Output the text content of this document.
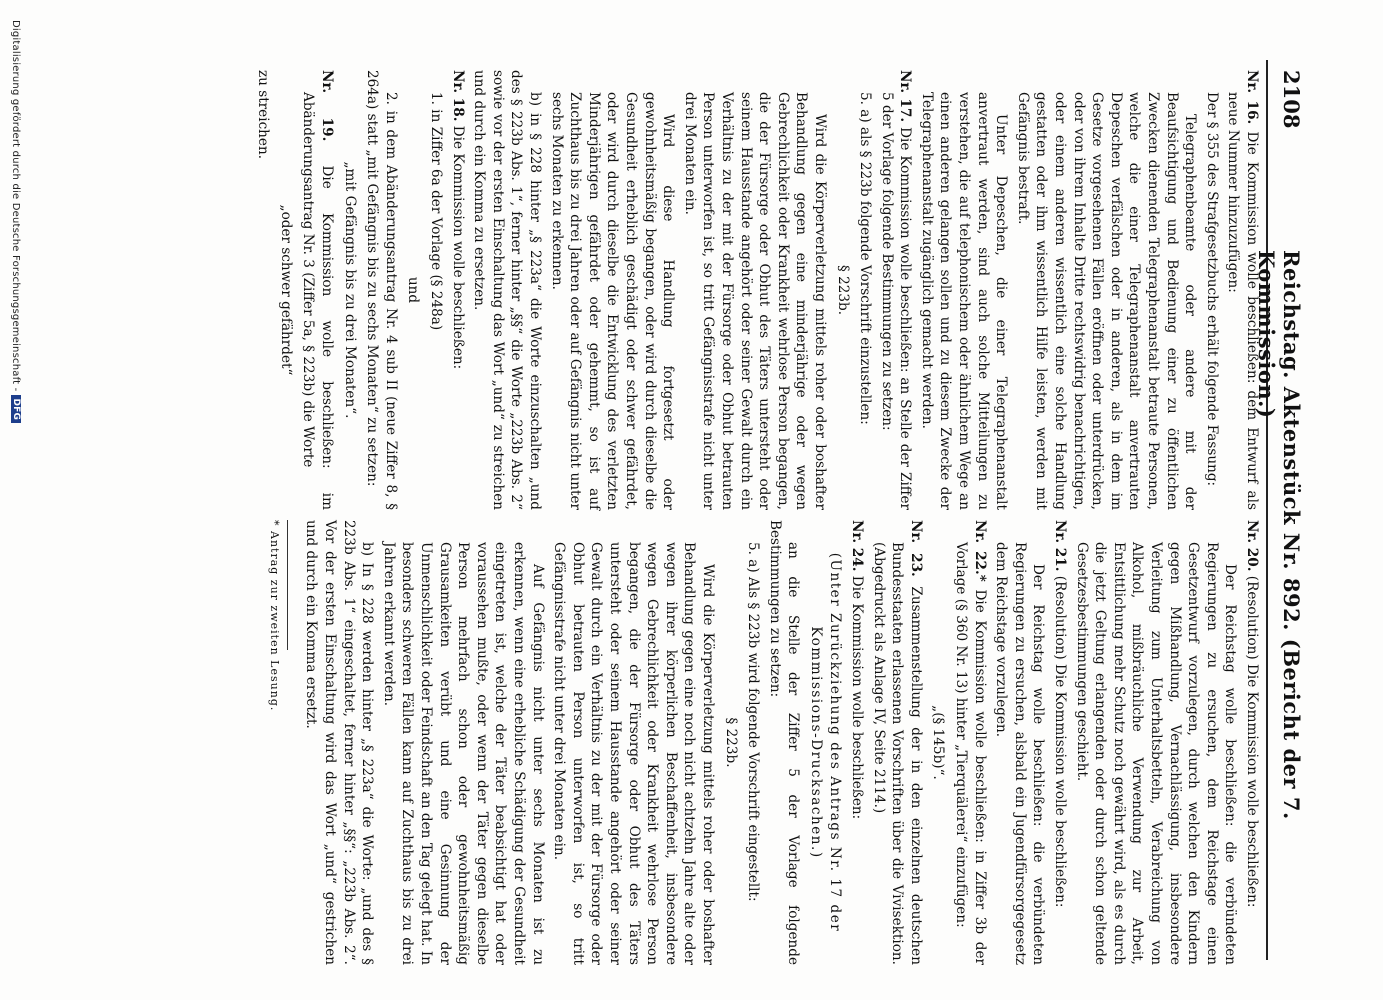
2108
Reichstag. Aktenstück Nr. 892. (Bericht der 7. Kommission.)

Nr. 16. Die Kommission wolle beschließen: dem Entwurf als neue Nummer hinzuzufügen:

Der § 355 des Strafgesetzbuchs erhält folgende Fassung:

Telegraphenbeamte oder andere mit der Beaufsichtigung und Bedienung einer zu öffentlichen Zwecken dienenden Telegraphenanstalt betraute Personen, welche die einer Telegraphenanstalt anvertrauten Depeschen verfälschen oder in anderen, als in dem im Gesetze vorgesehenen Fällen eröffnen oder unterdrücken, oder von ihrem Inhalte Dritte rechtswidrig benachrichtigen, oder einem anderen wissentlich eine solche Handlung gestatten oder ihm wissentlich Hilfe leisten, werden mit Gefängnis bestraft.

Unter Depeschen, die einer Telegraphenanstalt anvertraut werden, sind auch solche Mitteilungen zu verstehen, die auf telephonischem oder ähnlichem Wege an einen anderen gelangen sollen und zu diesem Zwecke der Telegraphenanstalt zugänglich gemacht werden.

Nr. 17. Die Kommission wolle beschließen: an Stelle der Ziffer 5 der Vorlage folgende Bestimmungen zu setzen:

5. a) als § 223b folgende Vorschrift einzustellen:

§ 223b.

Wird die Körperverletzung mittels roher oder boshafter Behandlung gegen eine minderjährige oder wegen Gebrechlichkeit oder Krankheit wehrlose Person begangen, die der Fürsorge oder Obhut des Täters untersteht oder seinem Hausstande angehört oder seiner Gewalt durch ein Verhältnis zu der mit der Fürsorge oder Obhut betrauten Person unterworfen ist, so tritt Gefängnisstrafe nicht unter drei Monaten ein.

Wird diese Handlung fortgesetzt oder gewohnheitsmäßig begangen, oder wird durch dieselbe die Gesundheit erheblich geschädigt oder schwer gefährdet, oder wird durch dieselbe die Entwicklung des verletzten Minderjährigen gefährdet oder gehemmt, so ist auf Zuchthaus bis zu drei Jahren oder auf Gefängnis nicht unter sechs Monaten zu erkennen.

b) in § 228 hinter „§ 223a“ die Worte einzuschalten „und des § 223b Abs. 1“, ferner hinter „§§“ die Worte „223b Abs. 2“ sowie vor der ersten Einschaltung das Wort „und“ zu streichen und durch ein Komma zu ersetzen.

Nr. 18. Die Kommission wolle beschließen:

1. in Ziffer 6a der Vorlage (§ 248a)

und

2. in dem Abänderungsantrag Nr. 4 sub II (neue Ziffer 8, § 264a) statt „mit Gefängnis bis zu sechs Monaten“ zu setzen:

„mit Gefängnis bis zu drei Monaten“.

Nr. 19. Die Kommission wolle beschließen: im Abänderungsantrag Nr. 3 (Ziffer 5a, § 223b) die Worte

„oder schwer gefährdet“

zu streichen.

Nr. 20. (Resolution) Die Kommission wolle beschließen:

Der Reichstag wolle beschließen: die verbündeten Regierungen zu ersuchen, dem Reichstage einen Gesetzentwurf vorzulegen, durch welchen den Kindern gegen Mißhandlung, Vernachlässigung, insbesondere Verleitung zum Unterhaltsbetteln, Verabreichung von Alkohol, mißbräuchliche Verwendung zur Arbeit, Entsittlichung mehr Schutz noch gewährt wird, als es durch die jetzt Geltung erlangenden oder durch schon geltende Gesetzesbestimmungen geschieht.

Nr. 21. (Resolution) Die Kommission wolle beschließen:

Der Reichstag wolle beschließen: die verbündeten Regierungen zu ersuchen, alsbald ein Jugendfürsorgegesetz dem Reichstage vorzulegen.

Nr. 22.* Die Kommission wolle beschließen: in Ziffer 3b der Vorlage (§ 360 Nr. 13) hinter „Tierquälerei“ einzufügen:

„(§ 145b)“.

Nr. 23. Zusammenstellung der in den einzelnen deutschen Bundesstaaten erlassenen Vorschriften über die Vivisektion. (Abgedruckt als Anlage IV, Seite 2114.)

Nr. 24. Die Kommission wolle beschließen:

(Unter Zurückziehung des Antrags Nr. 17 der Kommissions-Drucksachen.)

an die Stelle der Ziffer 5 der Vorlage folgende Bestimmungen zu setzen:

5. a) Als § 223b wird folgende Vorschrift eingestellt:

§ 223b.

Wird die Körperverletzung mittels roher oder boshafter Behandlung gegen eine noch nicht achtzehn Jahre alte oder wegen ihrer körperlichen Beschaffenheit, insbesondere wegen Gebrechlichkeit oder Krankheit wehrlose Person begangen, die der Fürsorge oder Obhut des Täters untersteht oder seinem Hausstande angehört oder seiner Gewalt durch ein Verhältnis zu der mit der Fürsorge oder Obhut betrauten Person unterworfen ist, so tritt Gefängnisstrafe nicht unter drei Monaten ein.

Auf Gefängnis nicht unter sechs Monaten ist zu erkennen, wenn eine erhebliche Schädigung der Gesundheit eingetreten ist, welche der Täter beabsichtigt hat oder voraussehen mußte, oder wenn der Täter gegen dieselbe Person mehrfach schon oder gewohnheitsmäßig Grausamkeiten verübt und eine Gesinnung der Unmenschlichkeit oder Feindschaft an den Tag gelegt hat. In besonders schweren Fällen kann auf Zuchthaus bis zu drei Jahren erkannt werden.

b) In § 228 werden hinter „§ 223a“ die Worte: „und des § 223b Abs. 1“ eingeschaltet, ferner hinter „§§“: „223b Abs. 2“. Vor der ersten Einschaltung wird das Wort „und“ gestrichen und durch ein Komma ersetzt.

* Antrag zur zweiten Lesung.

Digitalisierung gefördert durch die Deutsche Forschungsgemeinschaft -DFG
